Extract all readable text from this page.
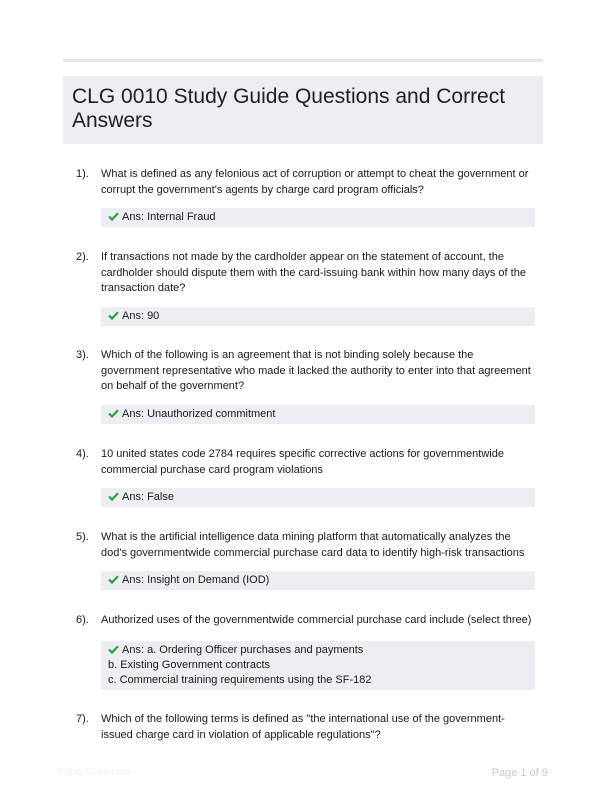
CLG 0010 Study Guide Questions and Correct Answers
1). What is defined as any felonious act of corruption or attempt to cheat the government or corrupt the government's agents by charge card program officials?
Ans: Internal Fraud
2). If transactions not made by the cardholder appear on the statement of account, the cardholder should dispute them with the card-issuing bank within how many days of the transaction date?
Ans: 90
3). Which of the following is an agreement that is not binding solely because the government representative who made it lacked the authority to enter into that agreement on behalf of the government?
Ans: Unauthorized commitment
4). 10 united states code 2784 requires specific corrective actions for governmentwide commercial purchase card program violations
Ans: False
5). What is the artificial intelligence data mining platform that automatically analyzes the dod's governmentwide commercial purchase card data to identify high-risk transactions
Ans: Insight on Demand (IOD)
6). Authorized uses of the governmentwide commercial purchase card include (select three)
Ans: a. Ordering Officer purchases and payments
b. Existing Government contracts
c. Commercial training requirements using the SF-182
7). Which of the following terms is defined as "the international use of the government-issued charge card in violation of applicable regulations"?
PaperStore.com	Page 1 of 9
